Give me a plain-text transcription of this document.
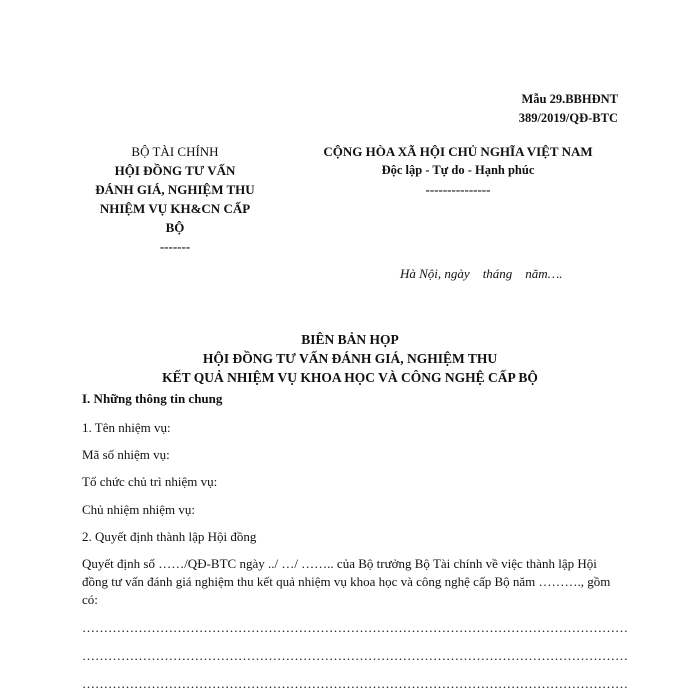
Mẫu 29.BBHĐNT
389/2019/QĐ-BTC
BỘ TÀI CHÍNH
HỘI ĐỒNG TƯ VẤN
ĐÁNH GIÁ, NGHIỆM THU
NHIỆM VỤ KH&CN CẤP
BỘ
-------
CỘNG HÒA XÃ HỘI CHỦ NGHĨA VIỆT NAM
Độc lập - Tự do - Hạnh phúc
---------------
Hà Nội, ngày    tháng    năm….
BIÊN BẢN HỌP
HỘI ĐỒNG TƯ VẤN ĐÁNH GIÁ, NGHIỆM THU
KẾT QUẢ NHIỆM VỤ KHOA HỌC VÀ CÔNG NGHỆ CẤP BỘ
I. Những thông tin chung
1. Tên nhiệm vụ:
Mã số nhiệm vụ:
Tổ chức chủ trì nhiệm vụ:
Chủ nhiệm nhiệm vụ:
2. Quyết định thành lập Hội đồng
Quyết định số ……/QĐ-BTC ngày ../ …/ …….. của Bộ trưởng Bộ Tài chính về việc thành lập Hội đồng tư vấn đánh giá nghiệm thu kết quả nhiệm vụ khoa học và công nghệ cấp Bộ năm ………., gồm có:
………………………………………………………………………………………………………………
………………………………………………………………………………………………………………
………………………………………………………………………………………………………………
